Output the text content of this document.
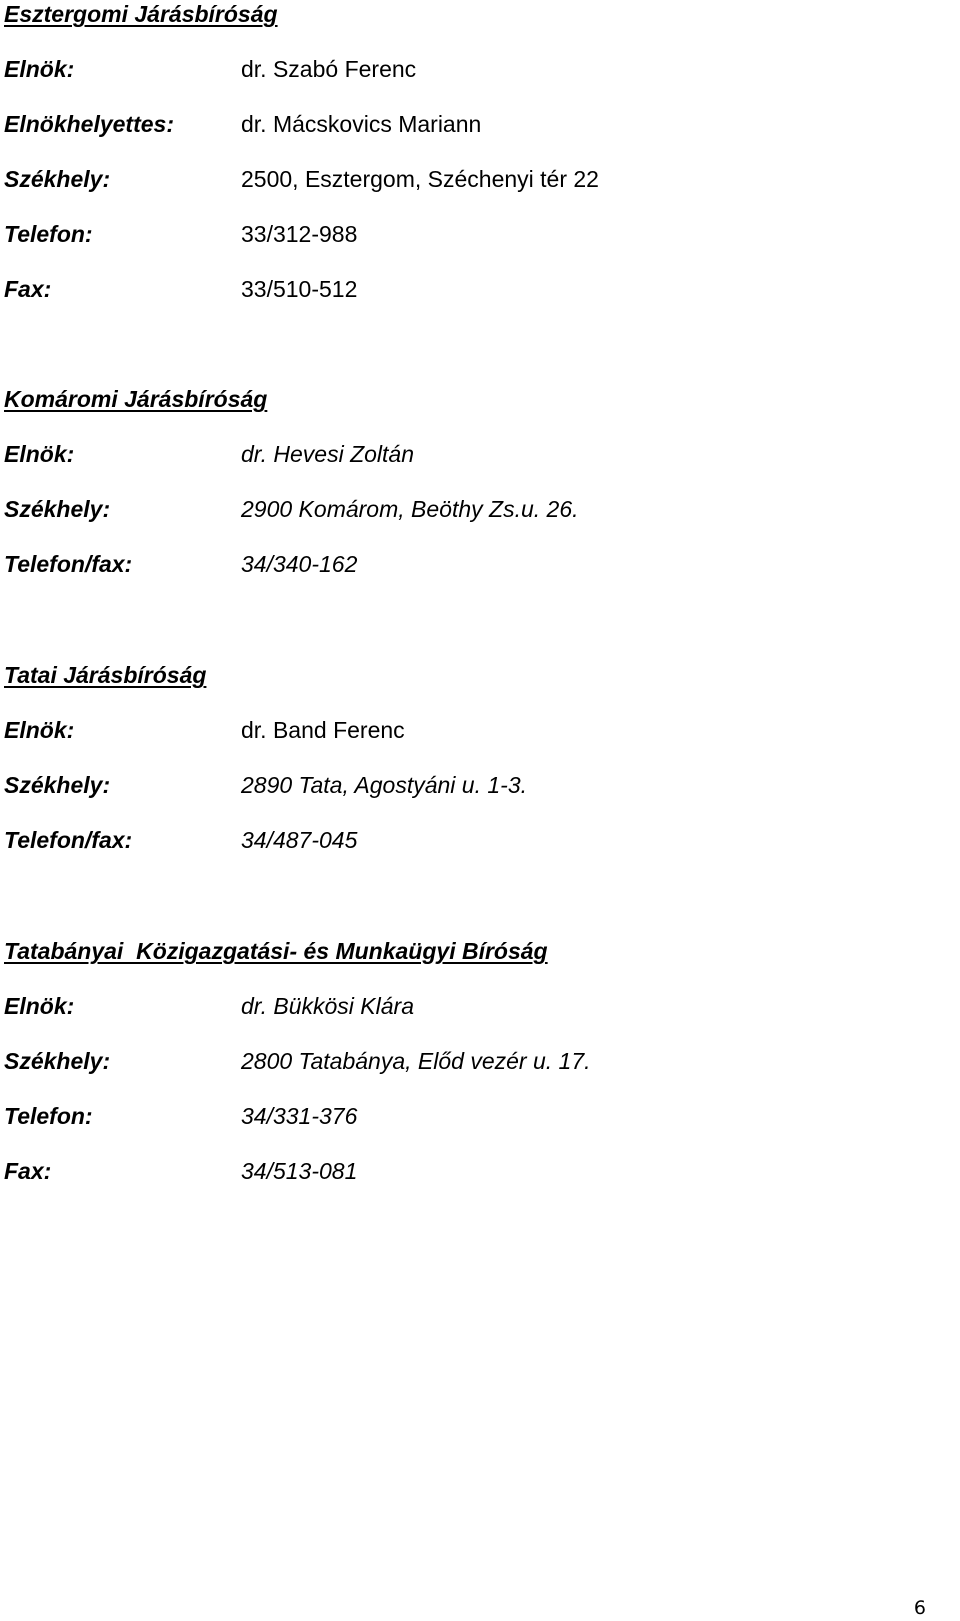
Esztergomi Járásbíróság
Elnök:	dr. Szabó Ferenc
Elnökhelyettes:	dr. Mácskovics Mariann
Székhely:	2500, Esztergom, Széchenyi tér 22
Telefon:	33/312-988
Fax:	33/510-512
Komáromi Járásbíróság
Elnök:	dr. Hevesi Zoltán
Székhely:	2900 Komárom, Beöthy Zs.u. 26.
Telefon/fax:	34/340-162
Tatai Járásbíróság
Elnök:	dr. Band Ferenc
Székhely:	2890 Tata, Agostyáni u. 1-3.
Telefon/fax:	34/487-045
Tatabányai  Közigazgatási- és Munkaügyi Bíróság
Elnök:	dr. Bükkösi Klára
Székhely:	2800 Tatabánya, Előd vezér u. 17.
Telefon:	34/331-376
Fax:	34/513-081
6
